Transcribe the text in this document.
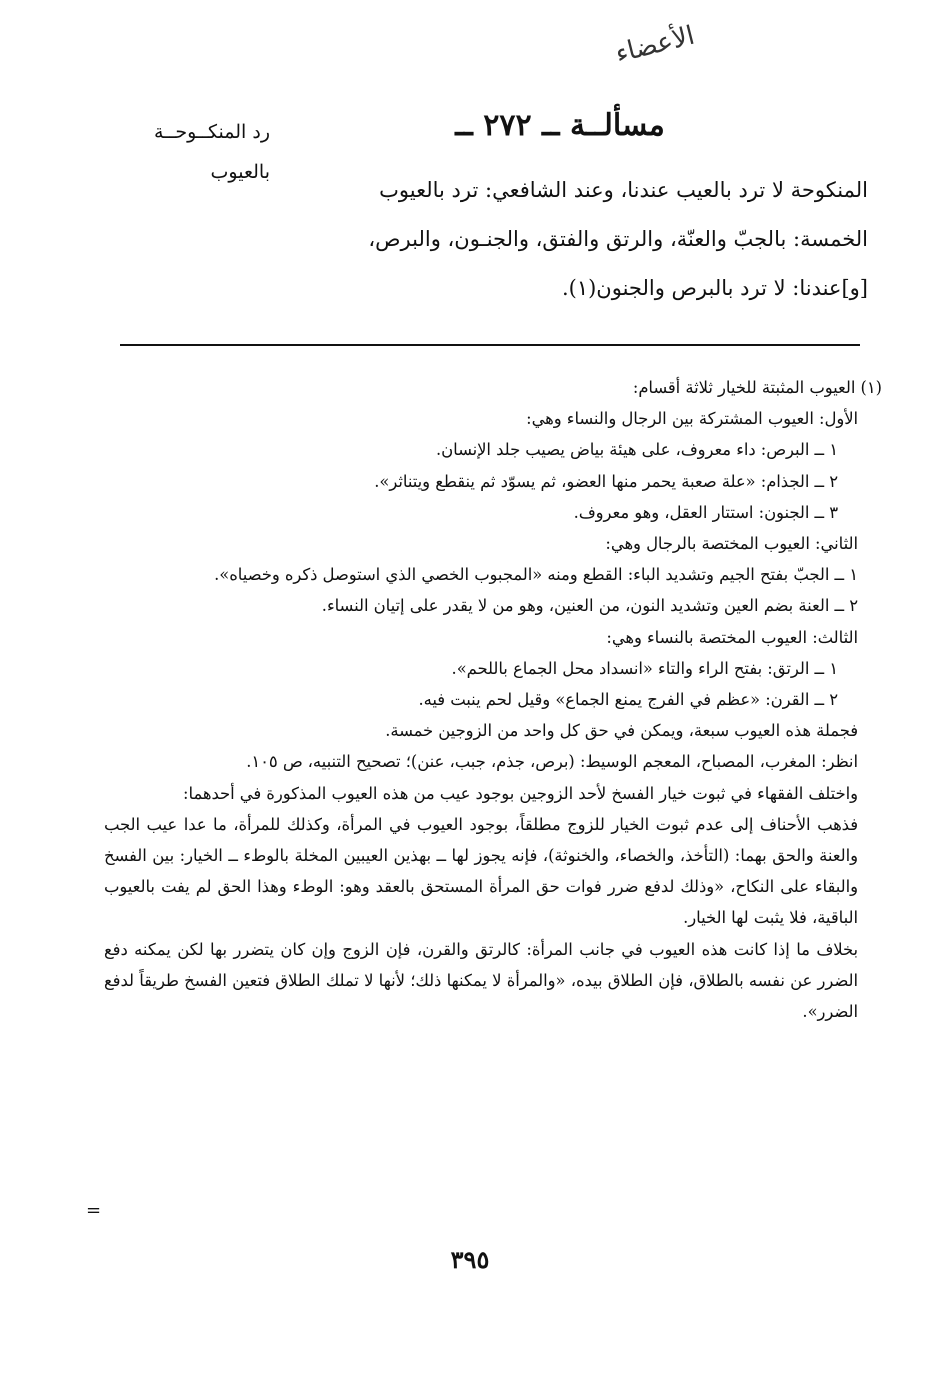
الأعضاء
مسألــة ــ ٢٧٢ ــ
رد المنكــوحــة
بالعيوب

المنكوحة لا ترد بالعيب عندنا، وعند الشافعي: ترد بالعيوب

الخمسة: بالجبّ والعنّة، والرتق والفتق، والجنـون، والبرص،

[و]عندنا: لا ترد بالبرص والجنون(١).

(١) العيوب المثبتة للخيار ثلاثة أقسام:

الأول: العيوب المشتركة بين الرجال والنساء وهي:

١ ــ البرص: داء معروف، على هيئة بياض يصيب جلد الإنسان.

٢ ــ الجذام: «علة صعبة يحمر منها العضو، ثم يسوّد ثم ينقطع ويتناثر».

٣ ــ الجنون: استتار العقل، وهو معروف.

الثاني: العيوب المختصة بالرجال وهي:

١ ــ الجبّ بفتح الجيم وتشديد الباء: القطع ومنه «المجبوب الخصي الذي استوصل ذكره وخصياه».

٢ ــ العنة بضم العين وتشديد النون، من العنين، وهو من لا يقدر على إتيان النساء.

الثالث: العيوب المختصة بالنساء وهي:

١ ــ الرتق: بفتح الراء والتاء «انسداد محل الجماع باللحم».

٢ ــ القرن: «عظم في الفرج يمنع الجماع» وقيل لحم ينبت فيه.

فجملة هذه العيوب سبعة، ويمكن في حق كل واحد من الزوجين خمسة.

انظر: المغرب، المصباح، المعجم الوسيط: (برص، جذم، جبب، عنن)؛ تصحيح التنبيه، ص ١٠٥.

واختلف الفقهاء في ثبوت خيار الفسخ لأحد الزوجين بوجود عيب من هذه العيوب المذكورة في أحدهما:

فذهب الأحناف إلى عدم ثبوت الخيار للزوج مطلقاً، بوجود العيوب في المرأة، وكذلك للمرأة، ما عدا عيب الجب والعنة والحق بهما: (التأخذ، والخصاء، والخنوثة)، فإنه يجوز لها ــ بهذين العيبين المخلة بالوطء ــ الخيار: بين الفسخ والبقاء على النكاح، «وذلك لدفع ضرر فوات حق المرأة المستحق بالعقد وهو: الوطء وهذا الحق لم يفت بالعيوب الباقية، فلا يثبت لها الخيار.

بخلاف ما إذا كانت هذه العيوب في جانب المرأة: كالرتق والقرن، فإن الزوج وإن كان يتضرر بها لكن يمكنه دفع الضرر عن نفسه بالطلاق، فإن الطلاق بيده، «والمرأة لا يمكنها ذلك؛ لأنها لا تملك الطلاق فتعين الفسخ طريقاً لدفع الضرر».

=
٣٩٥
